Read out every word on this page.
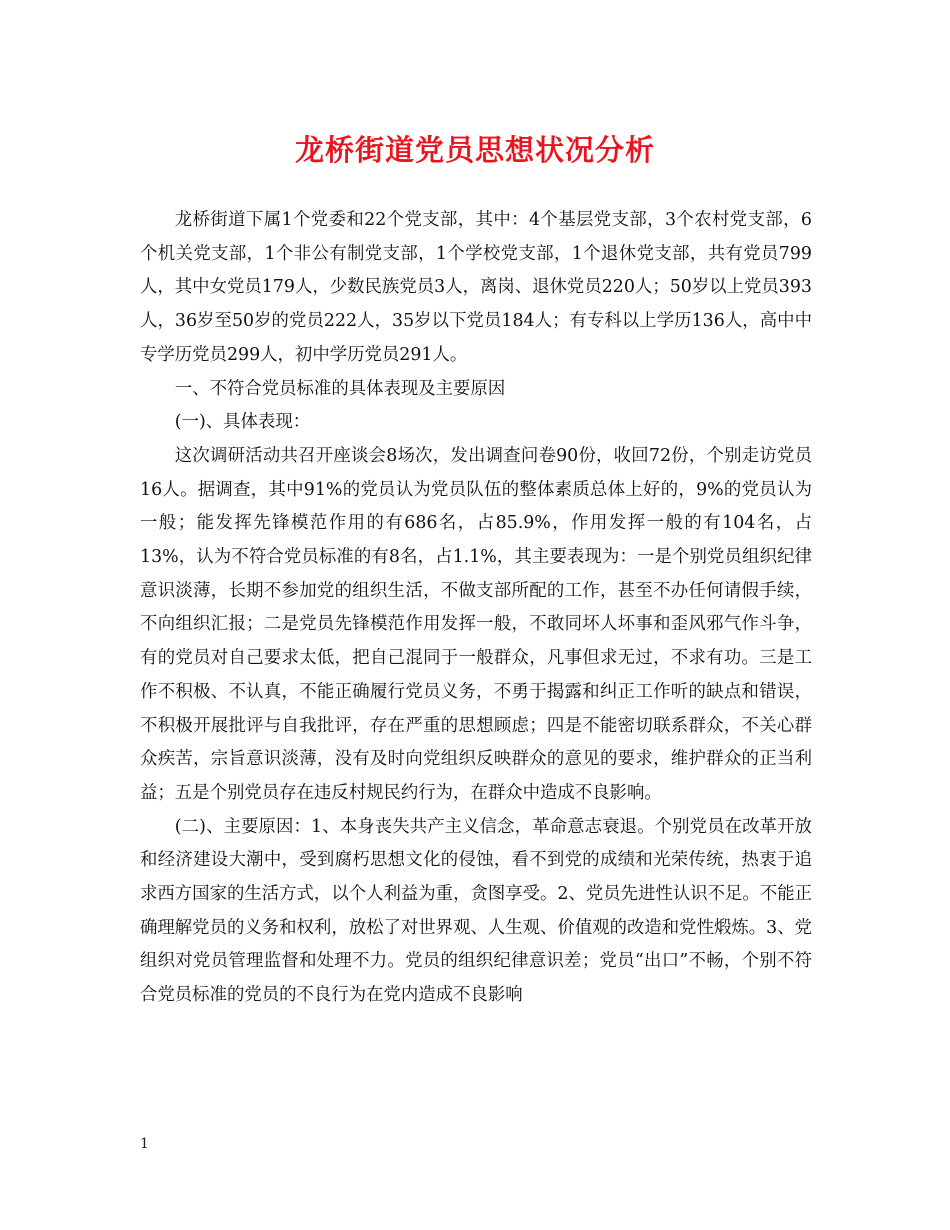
龙桥街道党员思想状况分析

龙桥街道下属1个党委和22个党支部，其中：4个基层党支部，3个农村党支部，6个机关党支部，1个非公有制党支部，1个学校党支部，1个退休党支部，共有党员799人，其中女党员179人，少数民族党员3人，离岗、退休党员220人；50岁以上党员393人，36岁至50岁的党员222人，35岁以下党员184人；有专科以上学历136人，高中中专学历党员299人，初中学历党员291人。

一、不符合党员标准的具体表现及主要原因

(一)、具体表现：

这次调研活动共召开座谈会8场次，发出调查问卷90份，收回72份，个别走访党员16人。据调查，其中91%的党员认为党员队伍的整体素质总体上好的，9%的党员认为一般；能发挥先锋模范作用的有686名，占85.9%，作用发挥一般的有104名，占13%，认为不符合党员标准的有8名，占1.1%，其主要表现为：一是个别党员组织纪律意识淡薄，长期不参加党的组织生活，不做支部所配的工作，甚至不办任何请假手续，不向组织汇报；二是党员先锋模范作用发挥一般，不敢同坏人坏事和歪风邪气作斗争，有的党员对自己要求太低，把自己混同于一般群众，凡事但求无过，不求有功。三是工作不积极、不认真，不能正确履行党员义务，不勇于揭露和纠正工作听的缺点和错误，不积极开展批评与自我批评，存在严重的思想顾虑；四是不能密切联系群众，不关心群众疾苦，宗旨意识淡薄，没有及时向党组织反映群众的意见的要求，维护群众的正当利益；五是个别党员存在违反村规民约行为，在群众中造成不良影响。

(二)、主要原因：1、本身丧失共产主义信念，革命意志衰退。个别党员在改革开放和经济建设大潮中，受到腐朽思想文化的侵蚀，看不到党的成绩和光荣传统，热衷于追求西方国家的生活方式，以个人利益为重，贪图享受。2、党员先进性认识不足。不能正确理解党员的义务和权利，放松了对世界观、人生观、价值观的改造和党性煅炼。3、党组织对党员管理监督和处理不力。党员的组织纪律意识差；党员“出口”不畅，个别不符合党员标准的党员的不良行为在党内造成不良影响

1
